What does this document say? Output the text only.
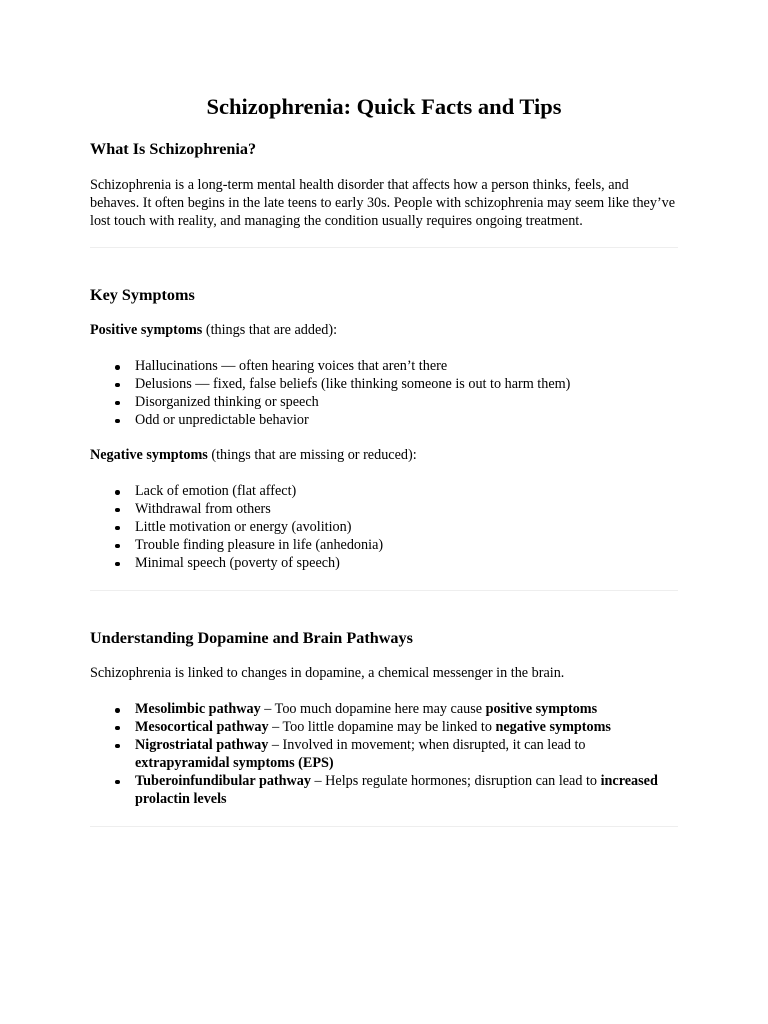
Schizophrenia: Quick Facts and Tips
What Is Schizophrenia?

Schizophrenia is a long-term mental health disorder that affects how a person thinks, feels, and behaves. It often begins in the late teens to early 30s. People with schizophrenia may seem like they’ve lost touch with reality, and managing the condition usually requires ongoing treatment.

Key Symptoms

Positive symptoms (things that are added):

Hallucinations — often hearing voices that aren’t there
Delusions — fixed, false beliefs (like thinking someone is out to harm them)
Disorganized thinking or speech
Odd or unpredictable behavior

Negative symptoms (things that are missing or reduced):

Lack of emotion (flat affect)
Withdrawal from others
Little motivation or energy (avolition)
Trouble finding pleasure in life (anhedonia)
Minimal speech (poverty of speech)
Understanding Dopamine and Brain Pathways

Schizophrenia is linked to changes in dopamine, a chemical messenger in the brain.

Mesolimbic pathway – Too much dopamine here may cause positive symptoms
Mesocortical pathway – Too little dopamine may be linked to negative symptoms
Nigrostriatal pathway – Involved in movement; when disrupted, it can lead to extrapyramidal symptoms (EPS)
Tuberoinfundibular pathway – Helps regulate hormones; disruption can lead to increased prolactin levels
